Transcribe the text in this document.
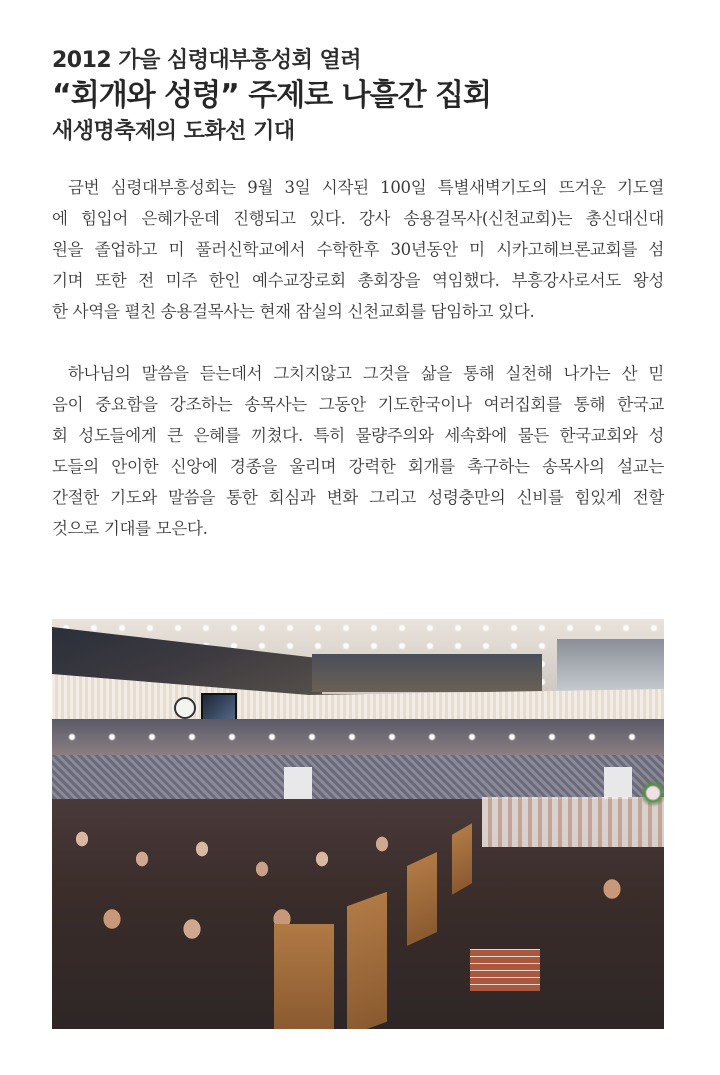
2012 가을 심령대부흥성회 열려
“회개와 성령” 주제로 나흘간 집회
새생명축제의 도화선 기대

금번 심령대부흥성회는 9월 3일 시작된 100일 특별새벽기도의 뜨거운 기도열
에 힘입어 은혜가운데 진행되고 있다. 강사 송용걸목사(신천교회)는 총신대신대
원을 졸업하고 미 풀러신학교에서 수학한후 30년동안 미 시카고헤브론교회를 섬
기며 또한 전 미주 한인 예수교장로회 총회장을 역임했다. 부흥강사로서도 왕성
한 사역을 펼친 송용걸목사는 현재 잠실의 신천교회를 담임하고 있다.

하나님의 말씀을 듣는데서 그치지않고 그것을 삶을 통해 실천해 나가는 산 믿
음이 중요함을 강조하는 송목사는 그동안 기도한국이나 여러집회를 통해 한국교
회 성도들에게 큰 은혜를 끼쳤다. 특히 물량주의와 세속화에 물든 한국교회와 성
도들의 안이한 신앙에 경종을 울리며 강력한 회개를 촉구하는 송목사의 설교는
간절한 기도와 말씀을 통한 회심과 변화 그리고 성령충만의 신비를 힘있게 전할
것으로 기대를 모은다.
